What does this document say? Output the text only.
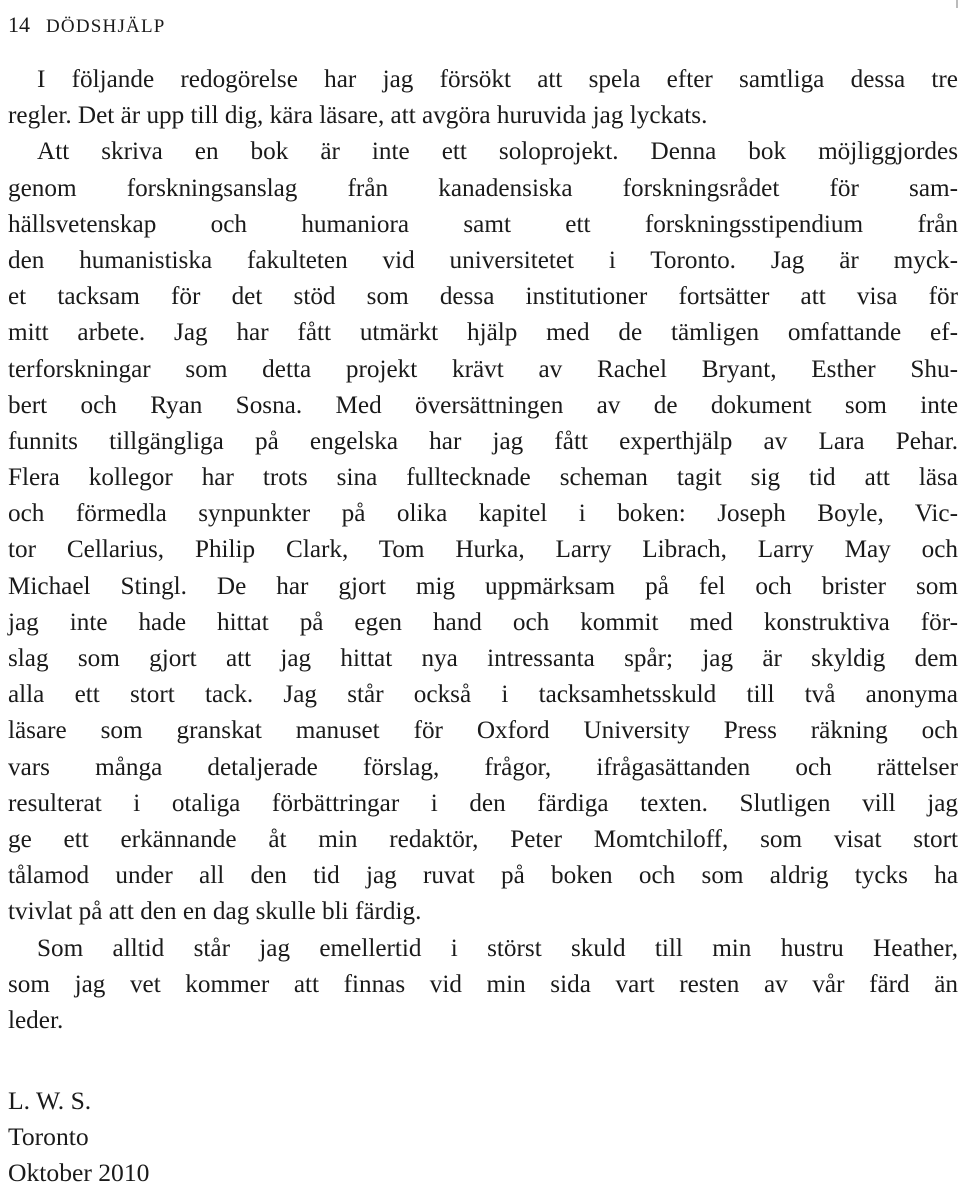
14 DÖDSHJÄLP
I följande redogörelse har jag försökt att spela efter samtliga dessa tre
regler. Det är upp till dig, kära läsare, att avgöra huruvida jag lyckats.
Att skriva en bok är inte ett soloprojekt. Denna bok möjliggjordes
genom forskningsanslag från kanadensiska forskningsrådet för sam-
hällsvetenskap och humaniora samt ett forskningsstipendium från
den humanistiska fakulteten vid universitetet i Toronto. Jag är myck-
et tacksam för det stöd som dessa institutioner fortsätter att visa för
mitt arbete. Jag har fått utmärkt hjälp med de tämligen omfattande ef-
terforskningar som detta projekt krävt av Rachel Bryant, Esther Shu-
bert och Ryan Sosna. Med översättningen av de dokument som inte
funnits tillgängliga på engelska har jag fått experthjälp av Lara Pehar.
Flera kollegor har trots sina fulltecknade scheman tagit sig tid att läsa
och förmedla synpunkter på olika kapitel i boken: Joseph Boyle, Vic-
tor Cellarius, Philip Clark, Tom Hurka, Larry Librach, Larry May och
Michael Stingl. De har gjort mig uppmärksam på fel och brister som
jag inte hade hittat på egen hand och kommit med konstruktiva för-
slag som gjort att jag hittat nya intressanta spår; jag är skyldig dem
alla ett stort tack. Jag står också i tacksamhetsskuld till två anonyma
läsare som granskat manuset för Oxford University Press räkning och
vars många detaljerade förslag, frågor, ifrågasättanden och rättelser
resulterat i otaliga förbättringar i den färdiga texten. Slutligen vill jag
ge ett erkännande åt min redaktör, Peter Momtchiloff, som visat stort
tålamod under all den tid jag ruvat på boken och som aldrig tycks ha
tvivlat på att den en dag skulle bli färdig.
Som alltid står jag emellertid i störst skuld till min hustru Heather,
som jag vet kommer att finnas vid min sida vart resten av vår färd än
leder.
L. W. S.
Toronto
Oktober 2010
